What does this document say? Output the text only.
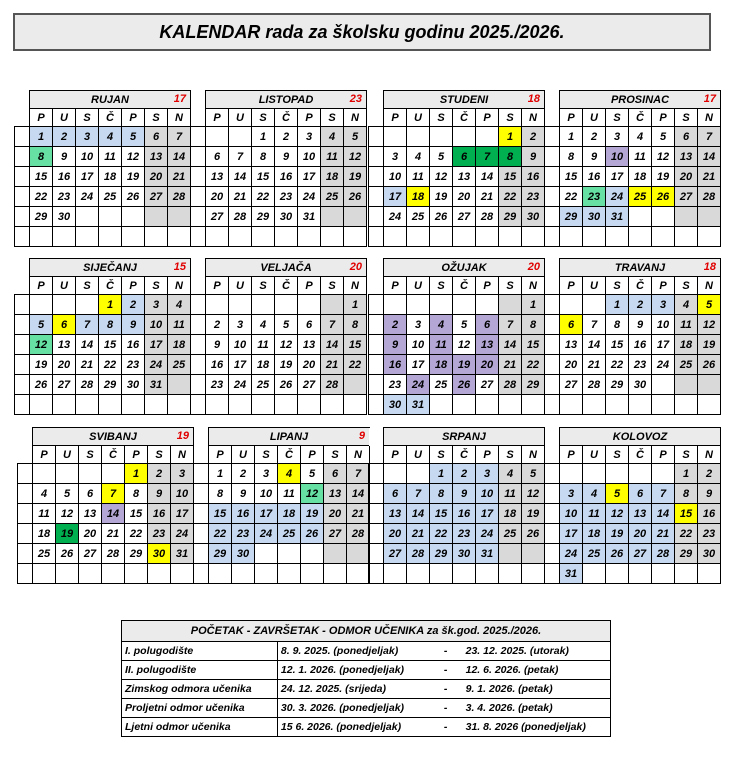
KALENDAR rada za školsku godinu 2025./2026.
	RUJAN 17						

	P	U	S	Č	P	S	N
	1	2	3	4	5	6	7
	8	9	10	11	12	13	14
	15	16	17	18	19	20	21
	22	23	24	25	26	27	28
	29	30					

	LISTOPAD 23						

	P	U	S	Č	P	S	N
			1	2	3	4	5
	6	7	8	9	10	11	12
	13	14	15	16	17	18	19
	20	21	22	23	24	25	26
	27	28	29	30	31		

	STUDENI 18						

	P	U	S	Č	P	S	N
						1	2
	3	4	5	6	7	8	9
	10	11	12	13	14	15	16
	17	18	19	20	21	22	23
	24	25	26	27	28	29	30

	PROSINAC 17						

	P	U	S	Č	P	S	N
	1	2	3	4	5	6	7
	8	9	10	11	12	13	14
	15	16	17	18	19	20	21
	22	23	24	25	26	27	28
	29	30	31				

	SIJEČANJ 15						

	P	U	S	Č	P	S	N
				1	2	3	4
	5	6	7	8	9	10	11
	12	13	14	15	16	17	18
	19	20	21	22	23	24	25
	26	27	28	29	30	31	

	VELJAČA 20						

	P	U	S	Č	P	S	N
							1
	2	3	4	5	6	7	8
	9	10	11	12	13	14	15
	16	17	18	19	20	21	22
	23	24	25	26	27	28	

	OŽUJAK 20						

	P	U	S	Č	P	S	N
							1
	2	3	4	5	6	7	8
	9	10	11	12	13	14	15
	16	17	18	19	20	21	22
	23	24	25	26	27	28	29
	30	31					
	TRAVANJ 18						

	P	U	S	Č	P	S	N
			1	2	3	4	5
	6	7	8	9	10	11	12
	13	14	15	16	17	18	19
	20	21	22	23	24	25	26
	27	28	29	30			

	SVIBANJ 19						

	P	U	S	Č	P	S	N
					1	2	3
	4	5	6	7	8	9	10
	11	12	13	14	15	16	17
	18	19	20	21	22	23	24
	25	26	27	28	29	30	31

	LIPANJ 9						

	P	U	S	Č	P	S	N
	1	2	3	4	5	6	7
	8	9	10	11	12	13	14
	15	16	17	18	19	20	21
	22	23	24	25	26	27	28
	29	30					

	SRPANJ						

	P	U	S	Č	P	S	N
			1	2	3	4	5
	6	7	8	9	10	11	12
	13	14	15	16	17	18	19
	20	21	22	23	24	25	26
	27	28	29	30	31		

	KOLOVOZ						

	P	U	S	Č	P	S	N
						1	2
	3	4	5	6	7	8	9
	10	11	12	13	14	15	16
	17	18	19	20	21	22	23
	24	25	26	27	28	29	30
	31						
POČETAK - ZAVRŠETAK - ODMOR UČENIKA za šk.god. 2025./2026.			
I. polugodište	8. 9. 2025. (ponedjeljak)	-	23. 12. 2025. (utorak)
II. polugodište	12. 1. 2026. (ponedjeljak)	-	12. 6. 2026. (petak)
Zimskog odmora učenika	24. 12. 2025. (srijeda)	-	9. 1. 2026. (petak)
Proljetni odmor učenika	30. 3. 2026. (ponedjeljak)	-	3. 4. 2026. (petak)
Ljetni odmor učenika	15 6. 2026. (ponedjeljak)	-	31. 8. 2026 (ponedjeljak)
